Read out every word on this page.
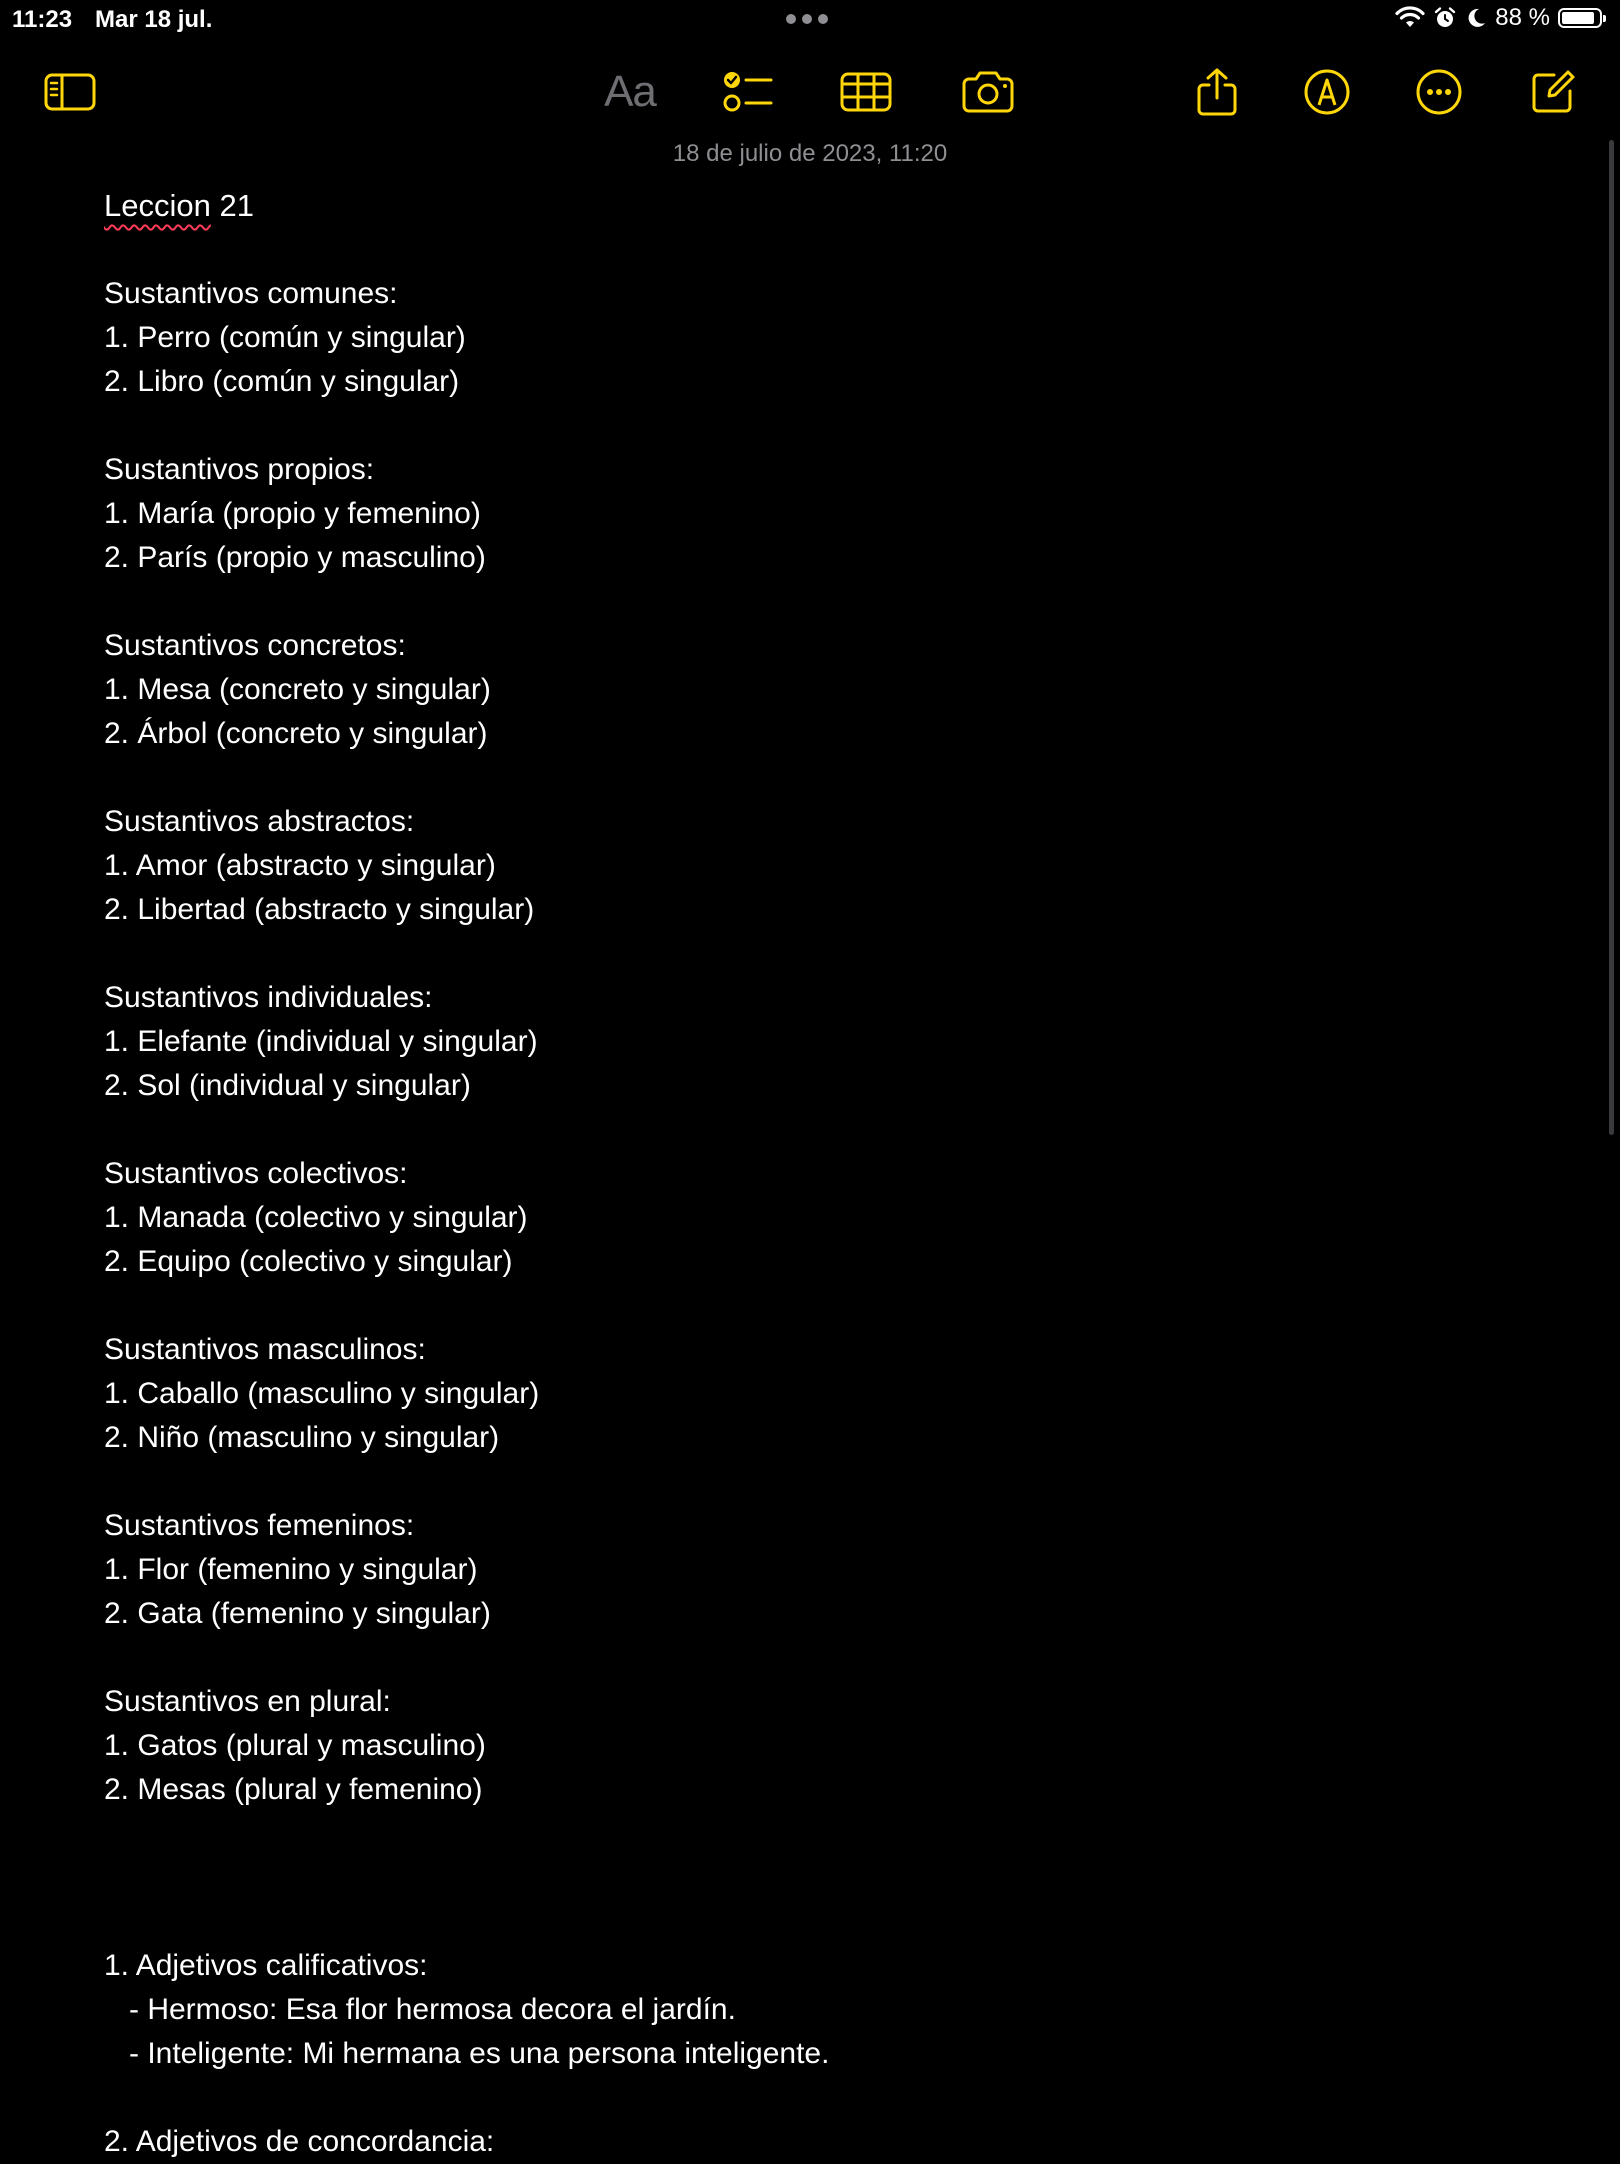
11:23 Mar 18 jul.	88 %
Aa
18 de julio de 2023, 11:20
Leccion 21
Sustantivos comunes:
1. Perro (común y singular)
2. Libro (común y singular)
Sustantivos propios:
1. María (propio y femenino)
2. París (propio y masculino)
Sustantivos concretos:
1. Mesa (concreto y singular)
2. Árbol (concreto y singular)
Sustantivos abstractos:
1. Amor (abstracto y singular)
2. Libertad (abstracto y singular)
Sustantivos individuales:
1. Elefante (individual y singular)
2. Sol (individual y singular)
Sustantivos colectivos:
1. Manada (colectivo y singular)
2. Equipo (colectivo y singular)
Sustantivos masculinos:
1. Caballo (masculino y singular)
2. Niño (masculino y singular)
Sustantivos femeninos:
1. Flor (femenino y singular)
2. Gata (femenino y singular)
Sustantivos en plural:
1. Gatos (plural y masculino)
2. Mesas (plural y femenino)
1. Adjetivos calificativos:
- Hermoso: Esa flor hermosa decora el jardín.
- Inteligente: Mi hermana es una persona inteligente.
2. Adjetivos de concordancia:
